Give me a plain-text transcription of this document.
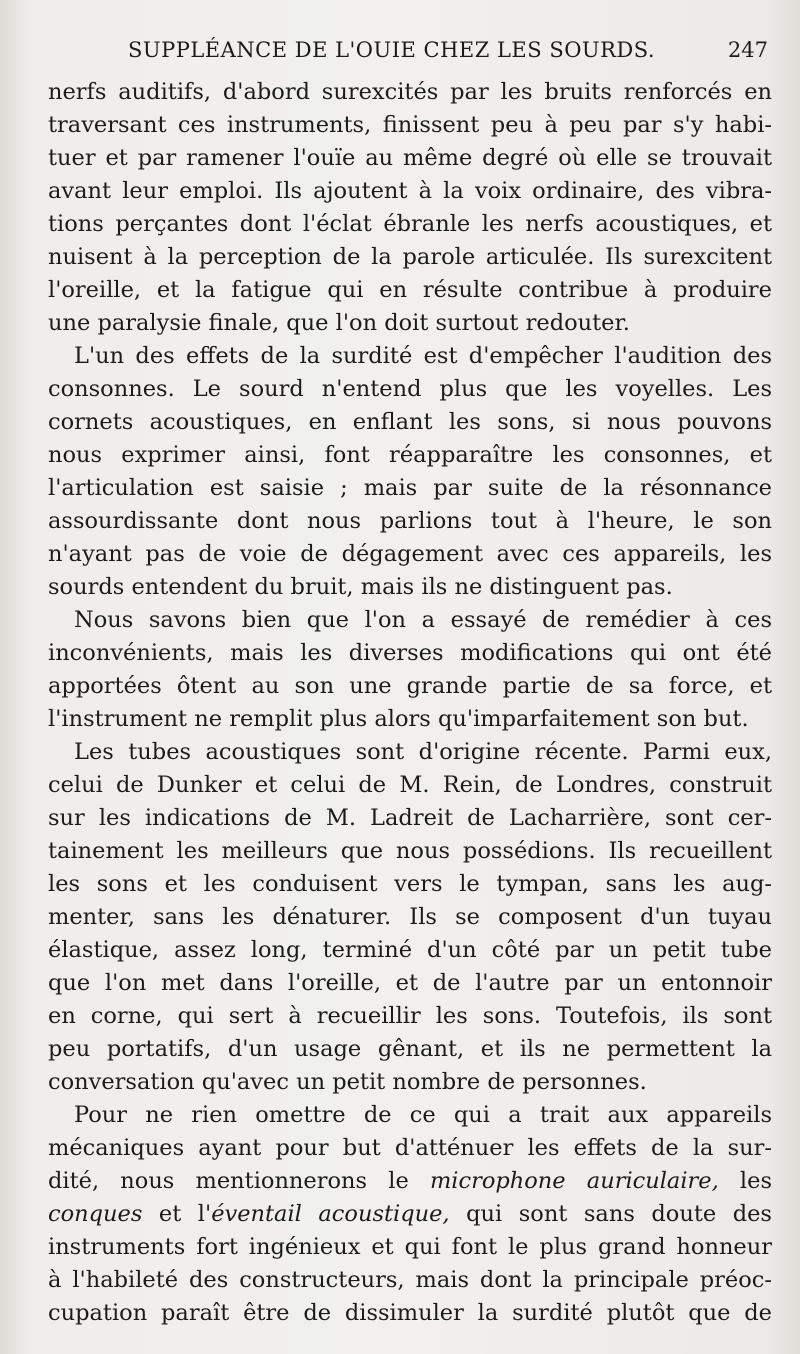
SUPPLÉANCE DE L'OUIE CHEZ LES SOURDS.	247
nerfs auditifs, d'abord surexcités par les bruits renforcés en
traversant ces instruments, finissent peu à peu par s'y habi-
tuer et par ramener l'ouïe au même degré où elle se trouvait
avant leur emploi. Ils ajoutent à la voix ordinaire, des vibra-
tions perçantes dont l'éclat ébranle les nerfs acoustiques, et
nuisent à la perception de la parole articulée. Ils surexcitent
l'oreille, et la fatigue qui en résulte contribue à produire
une paralysie finale, que l'on doit surtout redouter.
L'un des effets de la surdité est d'empêcher l'audition des
consonnes. Le sourd n'entend plus que les voyelles. Les
cornets acoustiques, en enflant les sons, si nous pouvons
nous exprimer ainsi, font réapparaître les consonnes, et
l'articulation est saisie ; mais par suite de la résonnance
assourdissante dont nous parlions tout à l'heure, le son
n'ayant pas de voie de dégagement avec ces appareils, les
sourds entendent du bruit, mais ils ne distinguent pas.
Nous savons bien que l'on a essayé de remédier à ces
inconvénients, mais les diverses modifications qui ont été
apportées ôtent au son une grande partie de sa force, et
l'instrument ne remplit plus alors qu'imparfaitement son but.
Les tubes acoustiques sont d'origine récente. Parmi eux,
celui de Dunker et celui de M. Rein, de Londres, construit
sur les indications de M. Ladreit de Lacharrière, sont cer-
tainement les meilleurs que nous possédions. Ils recueillent
les sons et les conduisent vers le tympan, sans les aug-
menter, sans les dénaturer. Ils se composent d'un tuyau
élastique, assez long, terminé d'un côté par un petit tube
que l'on met dans l'oreille, et de l'autre par un entonnoir
en corne, qui sert à recueillir les sons. Toutefois, ils sont
peu portatifs, d'un usage gênant, et ils ne permettent la
conversation qu'avec un petit nombre de personnes.
Pour ne rien omettre de ce qui a trait aux appareils
mécaniques ayant pour but d'atténuer les effets de la sur-
dité, nous mentionnerons le microphone auriculaire, les
conques et l'éventail acoustique, qui sont sans doute des
instruments fort ingénieux et qui font le plus grand honneur
à l'habileté des constructeurs, mais dont la principale préoc-
cupation paraît être de dissimuler la surdité plutôt que de
